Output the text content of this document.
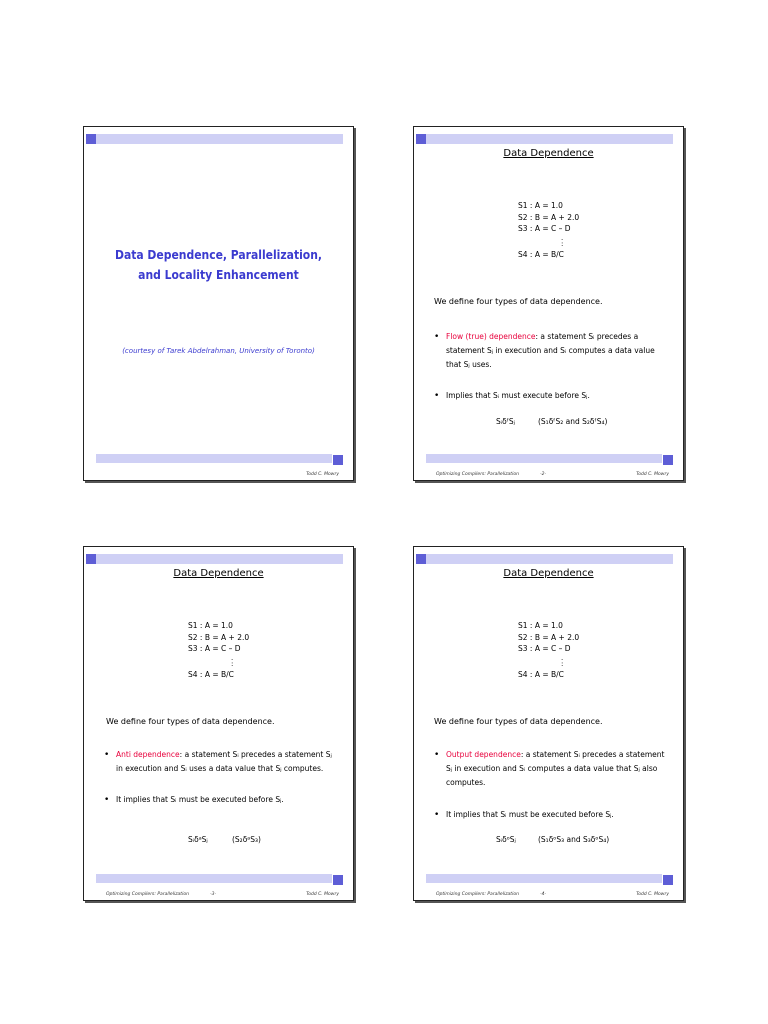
Data Dependence, Parallelization,
and Locality Enhancement
(courtesy of Tarek Abdelrahman, University of Toronto)
Todd C. Mowry
Data Dependence
S1 : A = 1.0
S2 : B = A + 2.0
S3 : A = C – D
.
:
S4 : A = B/C
We define four types of data dependence.
• Flow (true) dependence: a statement Sᵢ precedes a statement Sⱼ in execution and Sᵢ computes a data value that Sⱼ uses.
• Implies that Sᵢ must execute before Sⱼ.
SᵢδᶠSⱼ	(S₁δᶠS₂ and S₂δᶠS₄)
Optimizing Compilers: Parallelization	-2-	Todd C. Mowry
Data Dependence
S1 : A = 1.0
S2 : B = A + 2.0
S3 : A = C – D
.
:
S4 : A = B/C
We define four types of data dependence.
• Anti dependence: a statement Sᵢ precedes a statement Sⱼ in execution and Sᵢ uses a data value that Sⱼ computes.
• It implies that Sᵢ must be executed before Sⱼ.
SᵢδᵃSⱼ	(S₂δᵃS₃)
Optimizing Compilers: Parallelization	-3-	Todd C. Mowry
Data Dependence
S1 : A = 1.0
S2 : B = A + 2.0
S3 : A = C – D
.
:
S4 : A = B/C
We define four types of data dependence.
• Output dependence: a statement Sᵢ precedes a statement Sⱼ in execution and Sᵢ computes a data value that Sⱼ also computes.
• It implies that Sᵢ must be executed before Sⱼ.
SᵢδᵒSⱼ	(S₁δᵒS₃ and S₃δᵒS₄)
Optimizing Compilers: Parallelization	-4-	Todd C. Mowry
